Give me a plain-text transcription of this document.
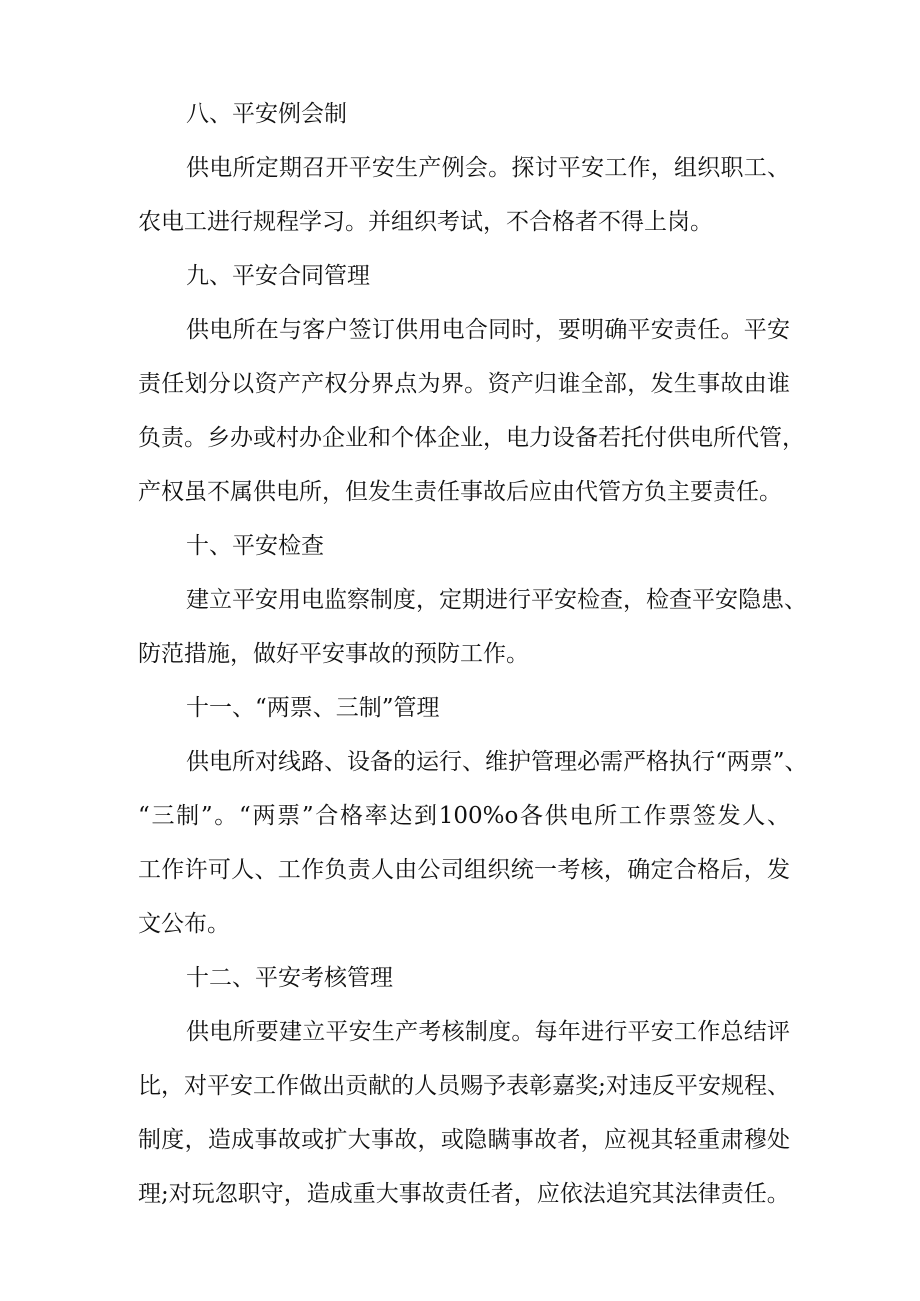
八、平安例会制
供电所定期召开平安生产例会。探讨平安工作，组织职工、
农电工进行规程学习。并组织考试，不合格者不得上岗。
九、平安合同管理
供电所在与客户签订供用电合同时，要明确平安责任。平安
责任划分以资产产权分界点为界。资产归谁全部，发生事故由谁
负责。乡办或村办企业和个体企业，电力设备若托付供电所代管，
产权虽不属供电所，但发生责任事故后应由代管方负主要责任。
十、平安检查
建立平安用电监察制度，定期进行平安检查，检查平安隐患、
防范措施，做好平安事故的预防工作。
十一、“两票、三制”管理
供电所对线路、设备的运行、维护管理必需严格执行“两票”、
“三制”。“两票”合格率达到100%o各供电所工作票签发人、
工作许可人、工作负责人由公司组织统一考核，确定合格后，发
文公布。
十二、平安考核管理
供电所要建立平安生产考核制度。每年进行平安工作总结评
比，对平安工作做出贡献的人员赐予表彰嘉奖;对违反平安规程、
制度，造成事故或扩大事故，或隐瞒事故者，应视其轻重肃穆处
理;对玩忽职守，造成重大事故责任者，应依法追究其法律责任。
